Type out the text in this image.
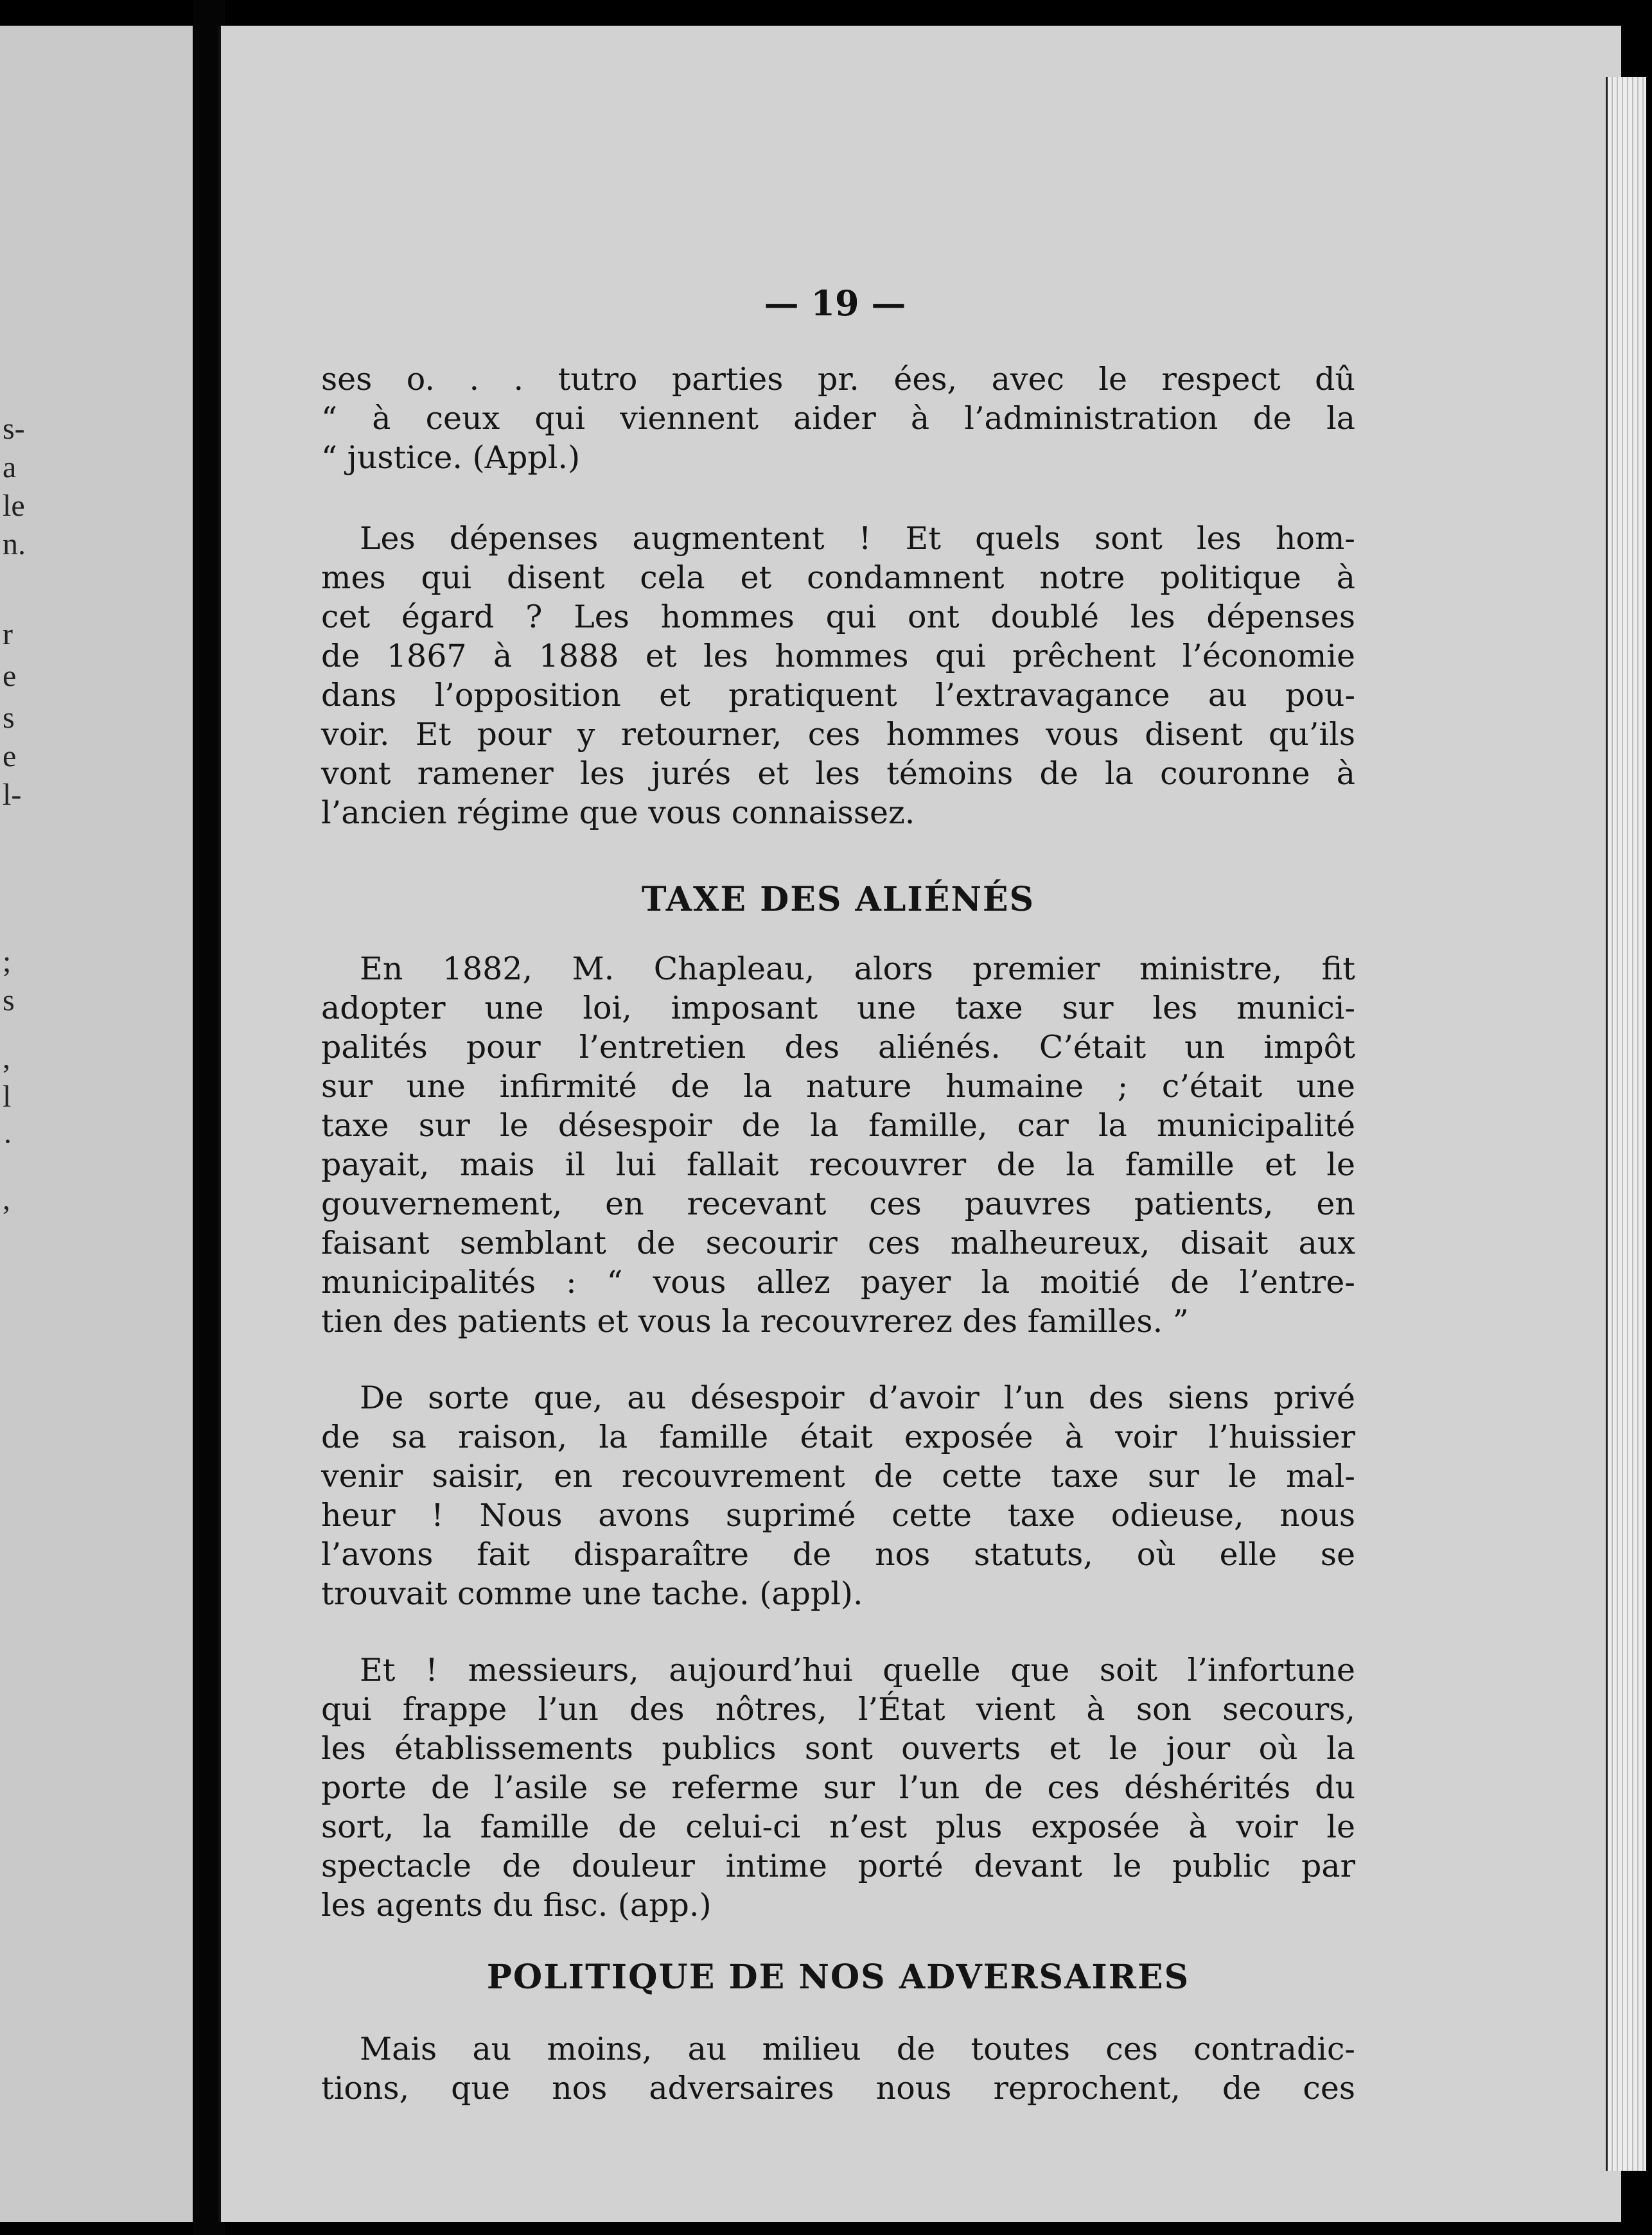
s-
a
le
n.
r
e
s
e
l-
;
s
,
l
·
,
— 19 —
ses o. . . tutro parties pr. ées, avec le respect dû
“ à ceux qui viennent aider à l’administration de la
“ justice. (Appl.)
Les dépenses augmentent ! Et quels sont les hom-
mes qui disent cela et condamnent notre politique à
cet égard ? Les hommes qui ont doublé les dépenses
de 1867 à 1888 et les hommes qui prêchent l’économie
dans l’opposition et pratiquent l’extravagance au pou-
voir. Et pour y retourner, ces hommes vous disent qu’ils
vont ramener les jurés et les témoins de la couronne à
l’ancien régime que vous connaissez.
TAXE DES ALIÉNÉS
En 1882, M. Chapleau, alors premier ministre, fit
adopter une loi, imposant une taxe sur les munici-
palités pour l’entretien des aliénés. C’était un impôt
sur une infirmité de la nature humaine ; c’était une
taxe sur le désespoir de la famille, car la municipalité
payait, mais il lui fallait recouvrer de la famille et le
gouvernement, en recevant ces pauvres patients, en
faisant semblant de secourir ces malheureux, disait aux
municipalités : “ vous allez payer la moitié de l’entre-
tien des patients et vous la recouvrerez des familles. ”
De sorte que, au désespoir d’avoir l’un des siens privé
de sa raison, la famille était exposée à voir l’huissier
venir saisir, en recouvrement de cette taxe sur le mal-
heur ! Nous avons suprimé cette taxe odieuse, nous
l’avons fait disparaître de nos statuts, où elle se
trouvait comme une tache. (appl).
Et ! messieurs, aujourd’hui quelle que soit l’infortune
qui frappe l’un des nôtres, l’État vient à son secours,
les établissements publics sont ouverts et le jour où la
porte de l’asile se referme sur l’un de ces déshérités du
sort, la famille de celui-ci n’est plus exposée à voir le
spectacle de douleur intime porté devant le public par
les agents du fisc. (app.)
POLITIQUE DE NOS ADVERSAIRES
Mais au moins, au milieu de toutes ces contradic-
tions, que nos adversaires nous reprochent, de ces
